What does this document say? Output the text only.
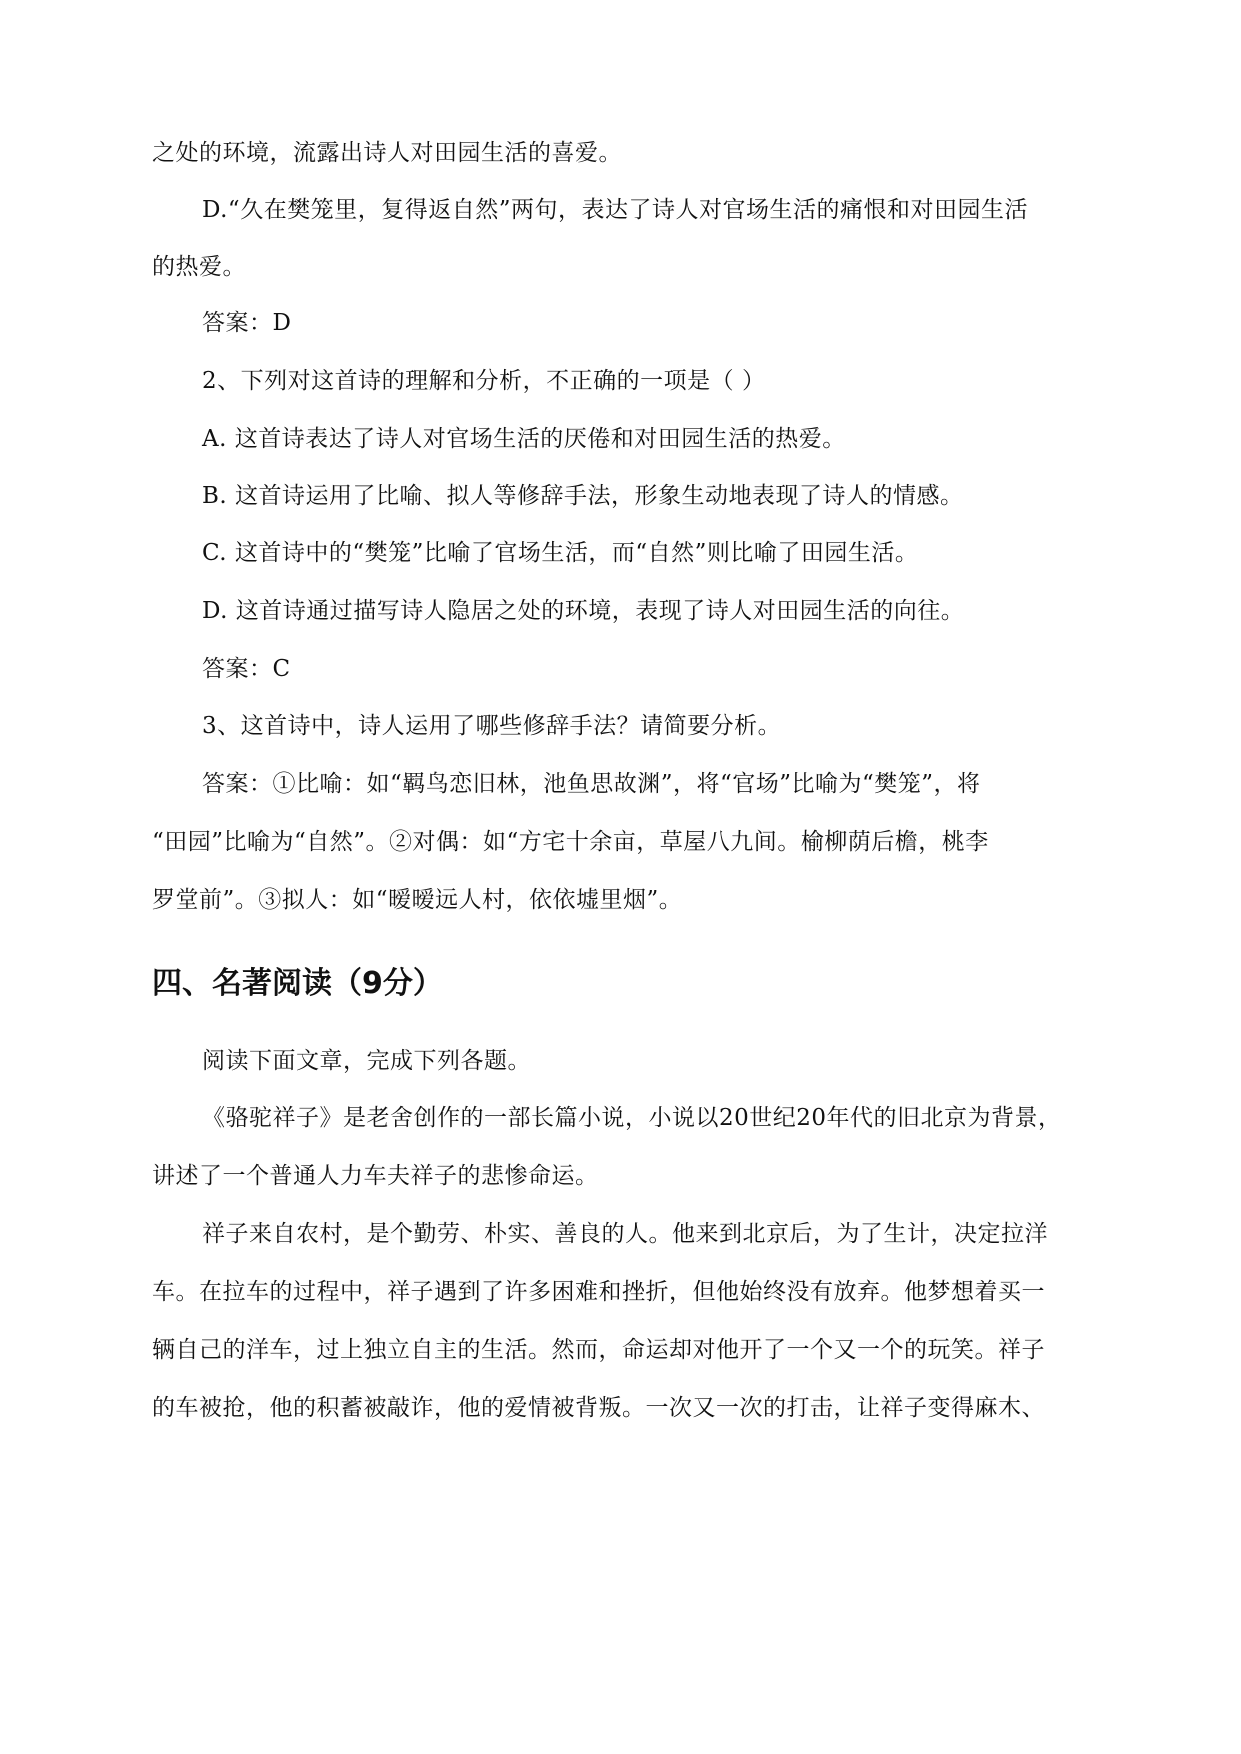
之处的环境，流露出诗人对田园生活的喜爱。
D.“久在樊笼里，复得返自然”两句，表达了诗人对官场生活的痛恨和对田园生活
的热爱。
答案：D
2、下列对这首诗的理解和分析，不正确的一项是（ ）
A. 这首诗表达了诗人对官场生活的厌倦和对田园生活的热爱。
B. 这首诗运用了比喻、拟人等修辞手法，形象生动地表现了诗人的情感。
C. 这首诗中的“樊笼”比喻了官场生活，而“自然”则比喻了田园生活。
D. 这首诗通过描写诗人隐居之处的环境，表现了诗人对田园生活的向往。
答案：C
3、这首诗中，诗人运用了哪些修辞手法？请简要分析。
答案：①比喻：如“羁鸟恋旧林，池鱼思故渊”，将“官场”比喻为“樊笼”，将
“田园”比喻为“自然”。②对偶：如“方宅十余亩，草屋八九间。榆柳荫后檐，桃李
罗堂前”。③拟人：如“暧暧远人村，依依墟里烟”。
四、名著阅读（9分）
阅读下面文章，完成下列各题。
《骆驼祥子》是老舍创作的一部长篇小说，小说以20世纪20年代的旧北京为背景，
讲述了一个普通人力车夫祥子的悲惨命运。
祥子来自农村，是个勤劳、朴实、善良的人。他来到北京后，为了生计，决定拉洋
车。在拉车的过程中，祥子遇到了许多困难和挫折，但他始终没有放弃。他梦想着买一
辆自己的洋车，过上独立自主的生活。然而，命运却对他开了一个又一个的玩笑。祥子
的车被抢，他的积蓄被敲诈，他的爱情被背叛。一次又一次的打击，让祥子变得麻木、
